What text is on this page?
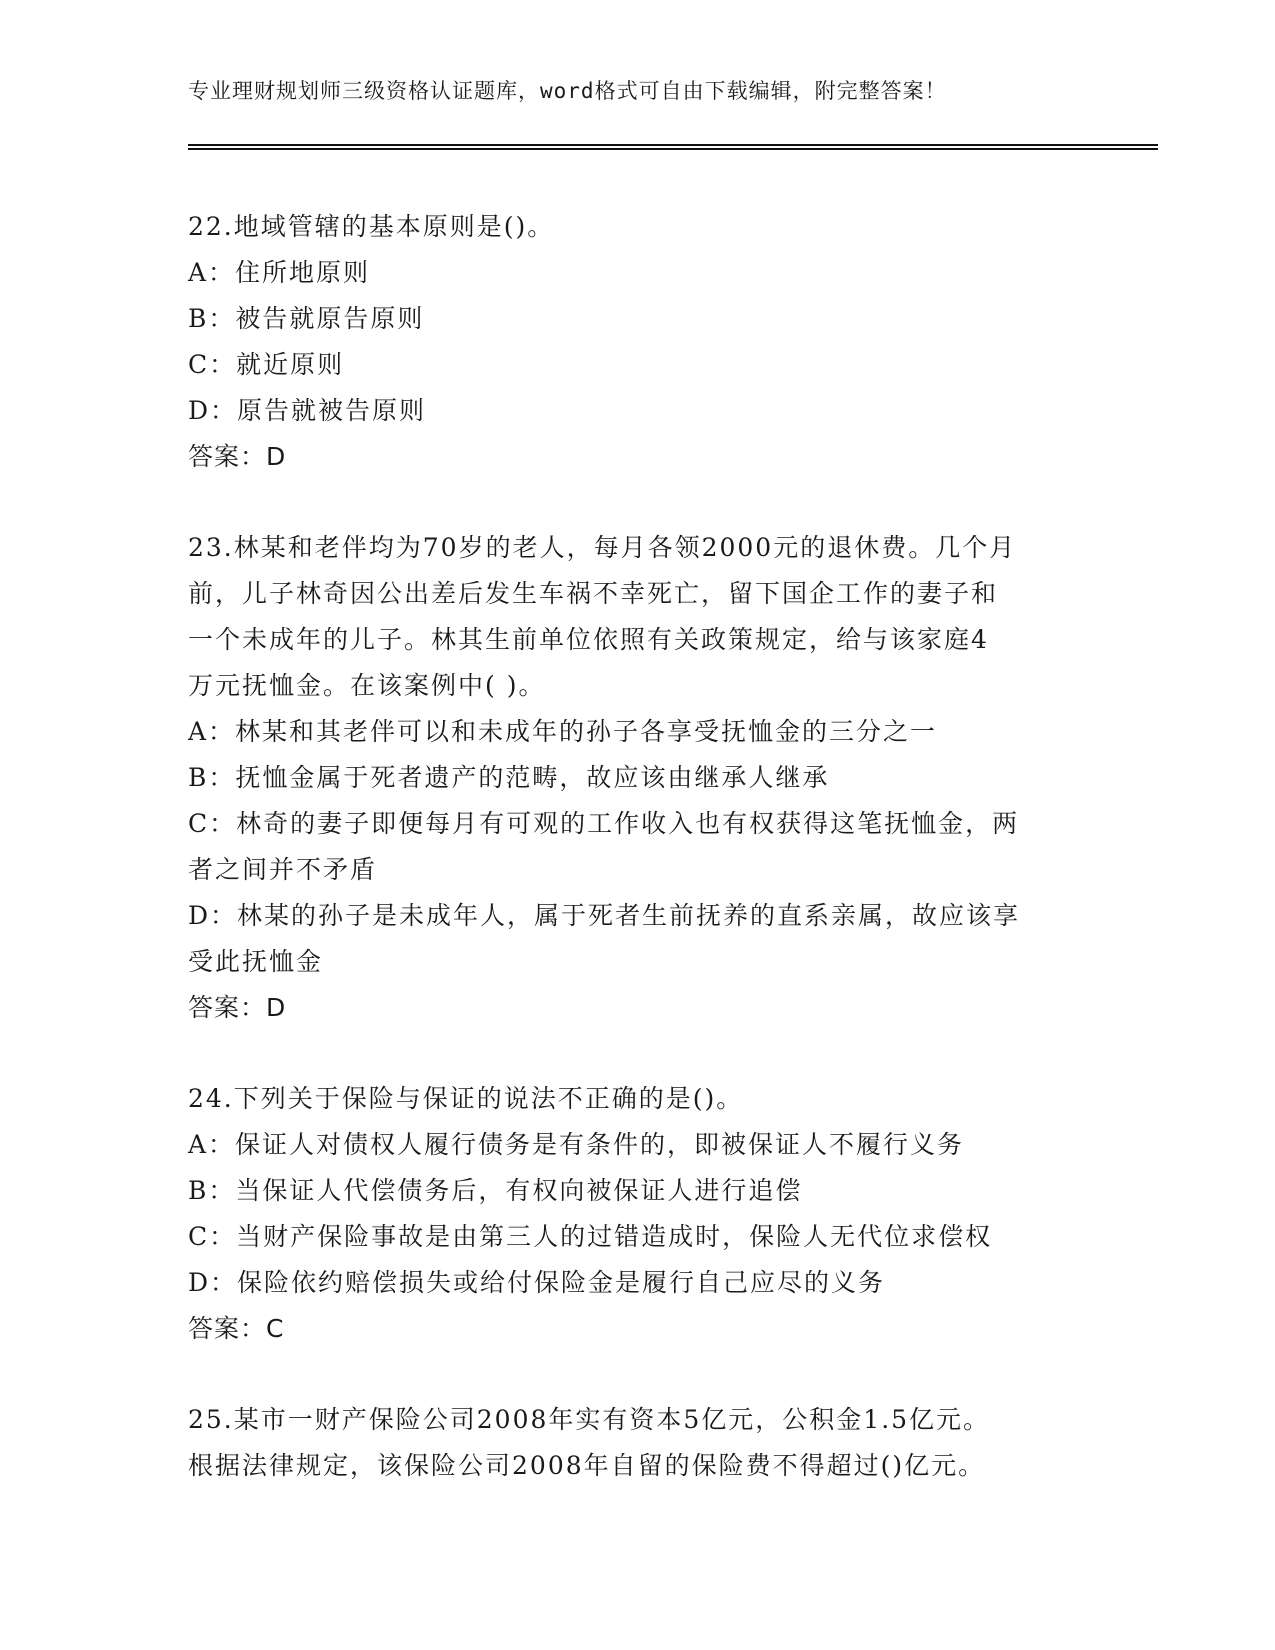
专业理财规划师三级资格认证题库，word格式可自由下载编辑，附完整答案！
22.地域管辖的基本原则是()。
A：住所地原则
B：被告就原告原则
C：就近原则
D：原告就被告原则
答案：D
23.林某和老伴均为70岁的老人，每月各领2000元的退休费。几个月
前，儿子林奇因公出差后发生车祸不幸死亡，留下国企工作的妻子和
一个未成年的儿子。林其生前单位依照有关政策规定，给与该家庭4
万元抚恤金。在该案例中( )。
A：林某和其老伴可以和未成年的孙子各享受抚恤金的三分之一
B：抚恤金属于死者遗产的范畴，故应该由继承人继承
C：林奇的妻子即便每月有可观的工作收入也有权获得这笔抚恤金，两
者之间并不矛盾
D：林某的孙子是未成年人，属于死者生前抚养的直系亲属，故应该享
受此抚恤金
答案：D
24.下列关于保险与保证的说法不正确的是()。
A：保证人对债权人履行债务是有条件的，即被保证人不履行义务
B：当保证人代偿债务后，有权向被保证人进行追偿
C：当财产保险事故是由第三人的过错造成时，保险人无代位求偿权
D：保险依约赔偿损失或给付保险金是履行自己应尽的义务
答案：C
25.某市一财产保险公司2008年实有资本5亿元，公积金1.5亿元。
根据法律规定，该保险公司2008年自留的保险费不得超过()亿元。
